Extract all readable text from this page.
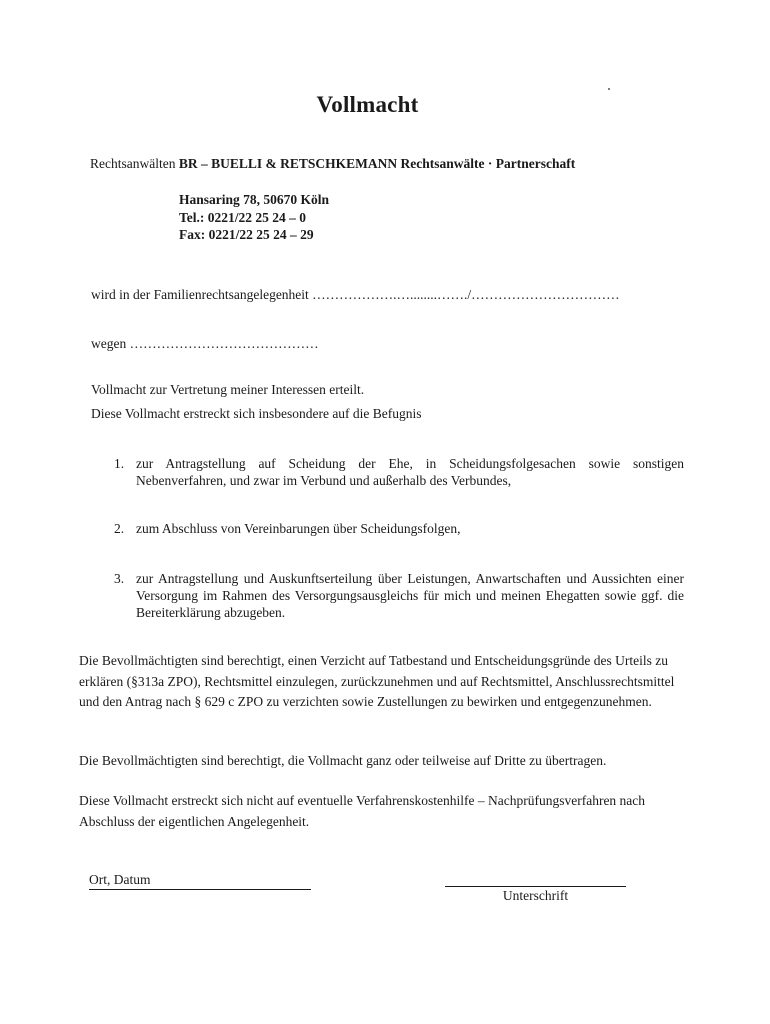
Vollmacht
Rechtsanwälten BR – BUELLI & RETSCHKEMANN Rechtsanwälte · Partnerschaft
Hansaring 78, 50670 Köln
Tel.: 0221/22 25 24 – 0
Fax: 0221/22 25 24 – 29
wird in der Familienrechtsangelegenheit ……………….…........……./……………………………
wegen ……………………………………
Vollmacht zur Vertretung meiner Interessen erteilt.
Diese Vollmacht erstreckt sich insbesondere auf die Befugnis
1. zur Antragstellung auf Scheidung der Ehe, in Scheidungsfolgesachen sowie sonstigen Nebenverfahren, und zwar im Verbund und außerhalb des Verbundes,
2. zum Abschluss von Vereinbarungen über Scheidungsfolgen,
3. zur Antragstellung und Auskunftserteilung über Leistungen, Anwartschaften und Aussichten einer Versorgung im Rahmen des Versorgungsausgleichs für mich und meinen Ehegatten sowie ggf. die Bereiterklärung abzugeben.
Die Bevollmächtigten sind berechtigt, einen Verzicht auf Tatbestand und Entscheidungsgründe des Urteils zu erklären (§313a ZPO), Rechtsmittel einzulegen, zurückzunehmen und auf Rechtsmittel, Anschlussrechtsmittel und den Antrag nach § 629 c ZPO zu verzichten sowie Zustellungen zu bewirken und entgegenzunehmen.
Die Bevollmächtigten sind berechtigt, die Vollmacht ganz oder teilweise auf Dritte zu übertragen.
Diese Vollmacht erstreckt sich nicht auf eventuelle Verfahrenskostenhilfe – Nachprüfungsverfahren nach Abschluss der eigentlichen Angelegenheit.
Ort, Datum
Unterschrift
